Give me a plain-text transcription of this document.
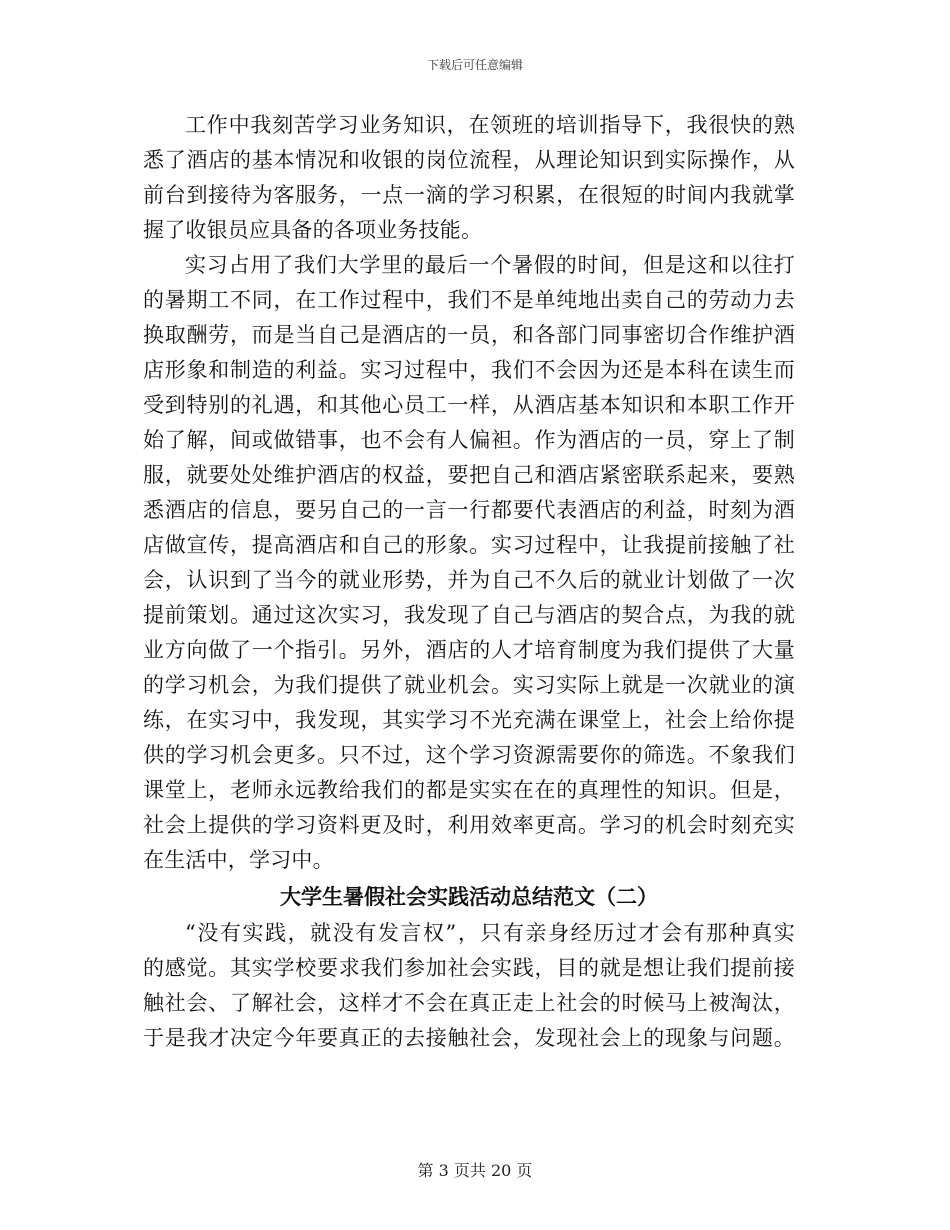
下载后可任意编辑
工作中我刻苦学习业务知识，在领班的培训指导下，我很快的熟
悉了酒店的基本情况和收银的岗位流程，从理论知识到实际操作，从
前台到接待为客服务，一点一滴的学习积累，在很短的时间内我就掌
握了收银员应具备的各项业务技能。
实习占用了我们大学里的最后一个暑假的时间，但是这和以往打
的暑期工不同，在工作过程中，我们不是单纯地出卖自己的劳动力去
换取酬劳，而是当自己是酒店的一员，和各部门同事密切合作维护酒
店形象和制造的利益。实习过程中，我们不会因为还是本科在读生而
受到特别的礼遇，和其他心员工一样，从酒店基本知识和本职工作开
始了解，间或做错事，也不会有人偏袒。作为酒店的一员，穿上了制
服，就要处处维护酒店的权益，要把自己和酒店紧密联系起来，要熟
悉酒店的信息，要另自己的一言一行都要代表酒店的利益，时刻为酒
店做宣传，提高酒店和自己的形象。实习过程中，让我提前接触了社
会，认识到了当今的就业形势，并为自己不久后的就业计划做了一次
提前策划。通过这次实习，我发现了自己与酒店的契合点，为我的就
业方向做了一个指引。另外，酒店的人才培育制度为我们提供了大量
的学习机会，为我们提供了就业机会。实习实际上就是一次就业的演
练，在实习中，我发现，其实学习不光充满在课堂上，社会上给你提
供的学习机会更多。只不过，这个学习资源需要你的筛选。不象我们
课堂上，老师永远教给我们的都是实实在在的真理性的知识。但是，
社会上提供的学习资料更及时，利用效率更高。学习的机会时刻充实
在生活中，学习中。
大学生暑假社会实践活动总结范文（二）
“没有实践，就没有发言权”，只有亲身经历过才会有那种真实
的感觉。其实学校要求我们参加社会实践，目的就是想让我们提前接
触社会、了解社会，这样才不会在真正走上社会的时候马上被淘汰，
于是我才决定今年要真正的去接触社会，发现社会上的现象与问题。
第 3 页共 20 页
